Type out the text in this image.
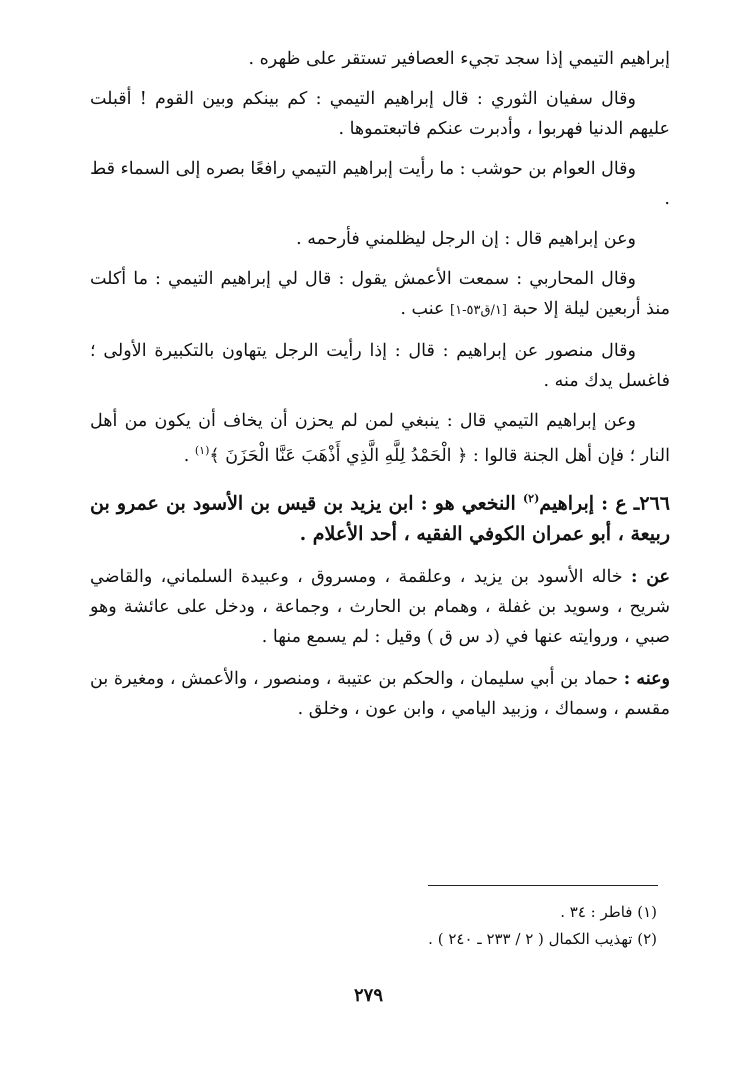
إبراهيم التيمي إذا سجد تجيء العصافير تستقر على ظهره .

وقال سفيان الثوري : قال إبراهيم التيمي : كم بينكم وبين القوم ! أقبلت عليهم الدنيا فهربوا ، وأدبرت عنكم فاتبعتموها .

وقال العوام بن حوشب : ما رأيت إبراهيم التيمي رافعًا بصره إلى السماء قط .

وعن إبراهيم قال : إن الرجل ليظلمني فأرحمه .

وقال المحاربي : سمعت الأعمش يقول : قال لي إبراهيم التيمي : ما أكلت منذ أربعين ليلة إلا حبة [١/ق٥٣-١] عنب .

وقال منصور عن إبراهيم : قال : إذا رأيت الرجل يتهاون بالتكبيرة الأولى ؛ فاغسل يدك منه .

وعن إبراهيم التيمي قال : ينبغي لمن لم يحزن أن يخاف أن يكون من أهل النار ؛ فإن أهل الجنة قالوا : ﴿ الْحَمْدُ لِلَّهِ الَّذِي أَذْهَبَ عَنَّا الْحَزَنَ ﴾$^{(١)}$ .

٢٦٦ـ ع : إبراهيم$^{(٢)}$ النخعي هو : ابن يزيد بن قيس بن الأسود بن عمرو بن ربيعة ، أبو عمران الكوفي الفقيه ، أحد الأعلام .

عن : خاله الأسود بن يزيد ، وعلقمة ، ومسروق ، وعبيدة السلماني، والقاضي شريح ، وسويد بن غفلة ، وهمام بن الحارث ، وجماعة ، ودخل على عائشة وهو صبي ، وروايته عنها في (د س ق ) وقيل : لم يسمع منها .

وعنه : حماد بن أبي سليمان ، والحكم بن عتيبة ، ومنصور ، والأعمش ، ومغيرة بن مقسم ، وسماك ، وزبيد اليامي ، وابن عون ، وخلق .

(١) فاطر : ٣٤ .
(٢) تهذيب الكمال ( ٢ / ٢٣٣ ـ ٢٤٠ ) .
٢٧٩
